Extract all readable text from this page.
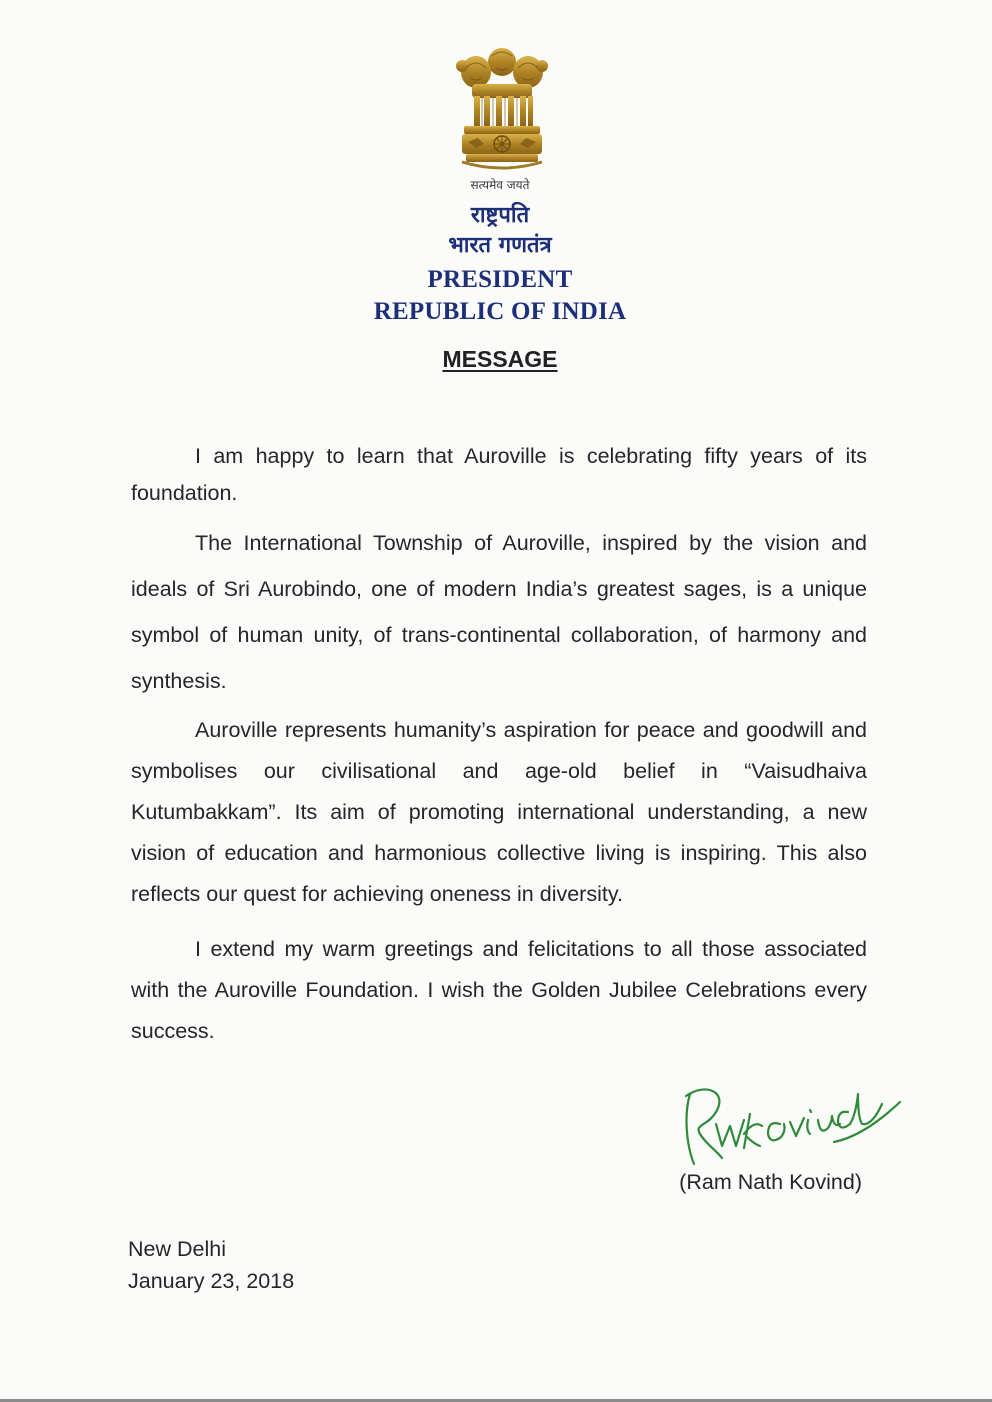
सत्यमेव जयते
राष्ट्रपति
भारत गणतंत्र
PRESIDENT
REPUBLIC OF INDIA
MESSAGE

I am happy to learn that Auroville is celebrating fifty years of its foundation.

The International Township of Auroville, inspired by the vision and ideals of Sri Aurobindo, one of modern India’s greatest sages, is a unique symbol of human unity, of trans-continental collaboration, of harmony and synthesis.

Auroville represents humanity’s aspiration for peace and goodwill and symbolises our civilisational and age-old belief in “Vaisudhaiva Kutumbakkam”. Its aim of promoting international understanding, a new vision of education and harmonious collective living is inspiring. This also reflects our quest for achieving oneness in diversity.

I extend my warm greetings and felicitations to all those associated with the Auroville Foundation. I wish the Golden Jubilee Celebrations every success.

(Ram Nath Kovind)
New Delhi
January 23, 2018
